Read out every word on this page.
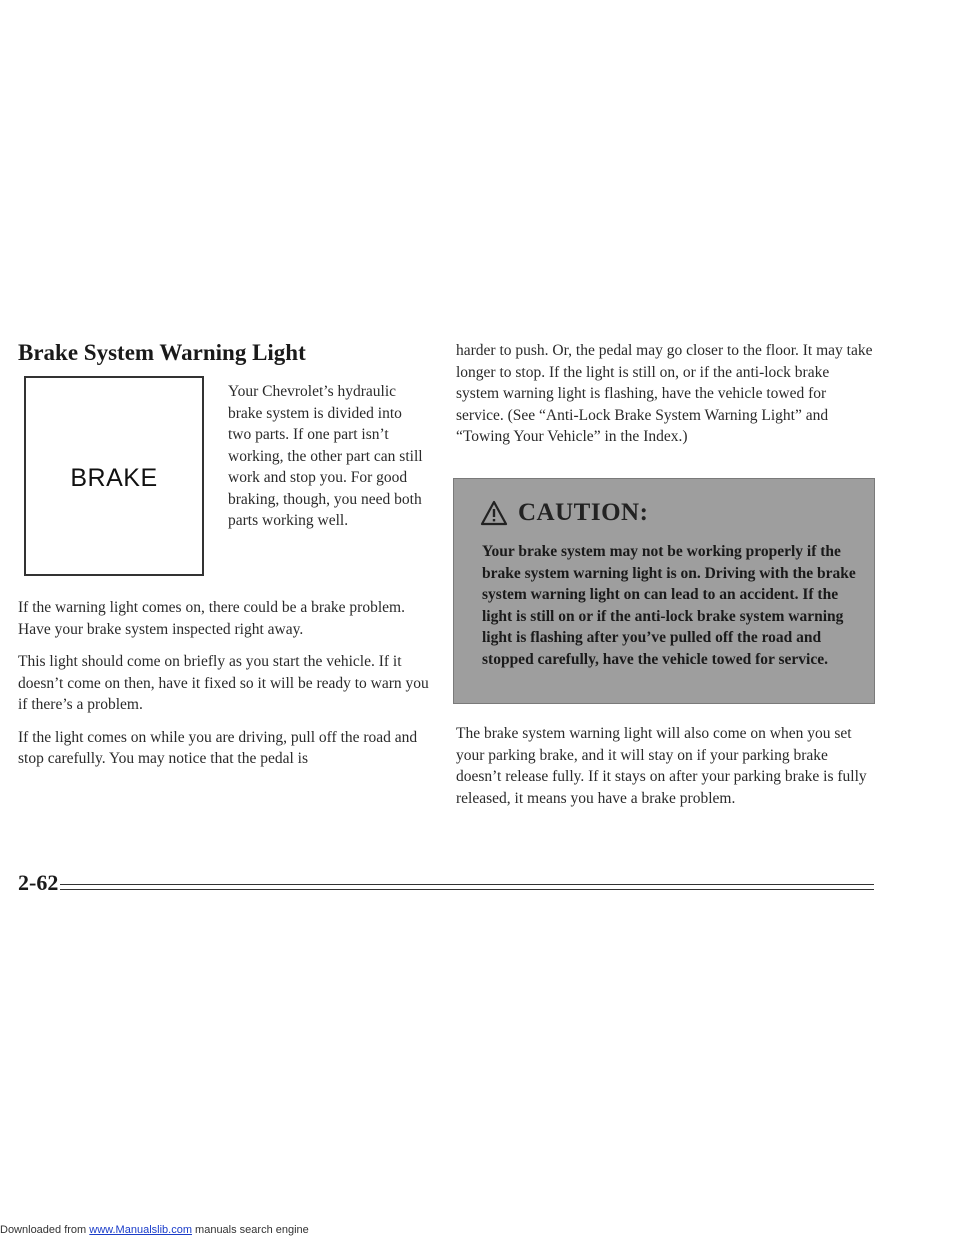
Brake System Warning Light
BRAKE

Your Chevrolet’s hydraulic brake system is divided into two parts. If one part isn’t working, the other part can still work and stop you. For good braking, though, you need both parts working well.

If the warning light comes on, there could be a brake problem. Have your brake system inspected right away.

This light should come on briefly as you start the vehicle. If it doesn’t come on then, have it fixed so it will be ready to warn you if there’s a problem.

If the light comes on while you are driving, pull off the road and stop carefully. You may notice that the pedal is

harder to push. Or, the pedal may go closer to the floor. It may take longer to stop. If the light is still on, or if the anti-lock brake system warning light is flashing, have the vehicle towed for service. (See “Anti-Lock Brake System Warning Light” and “Towing Your Vehicle” in the Index.)

CAUTION:

Your brake system may not be working properly if the brake system warning light is on. Driving with the brake system warning light on can lead to an accident. If the light is still on or if the anti-lock brake system warning light is flashing after you’ve pulled off the road and stopped carefully, have the vehicle towed for service.

The brake system warning light will also come on when you set your parking brake, and it will stay on if your parking brake doesn’t release fully. If it stays on after your parking brake is fully released, it means you have a brake problem.

2-62
Downloaded from www.Manualslib.com manuals search engine
